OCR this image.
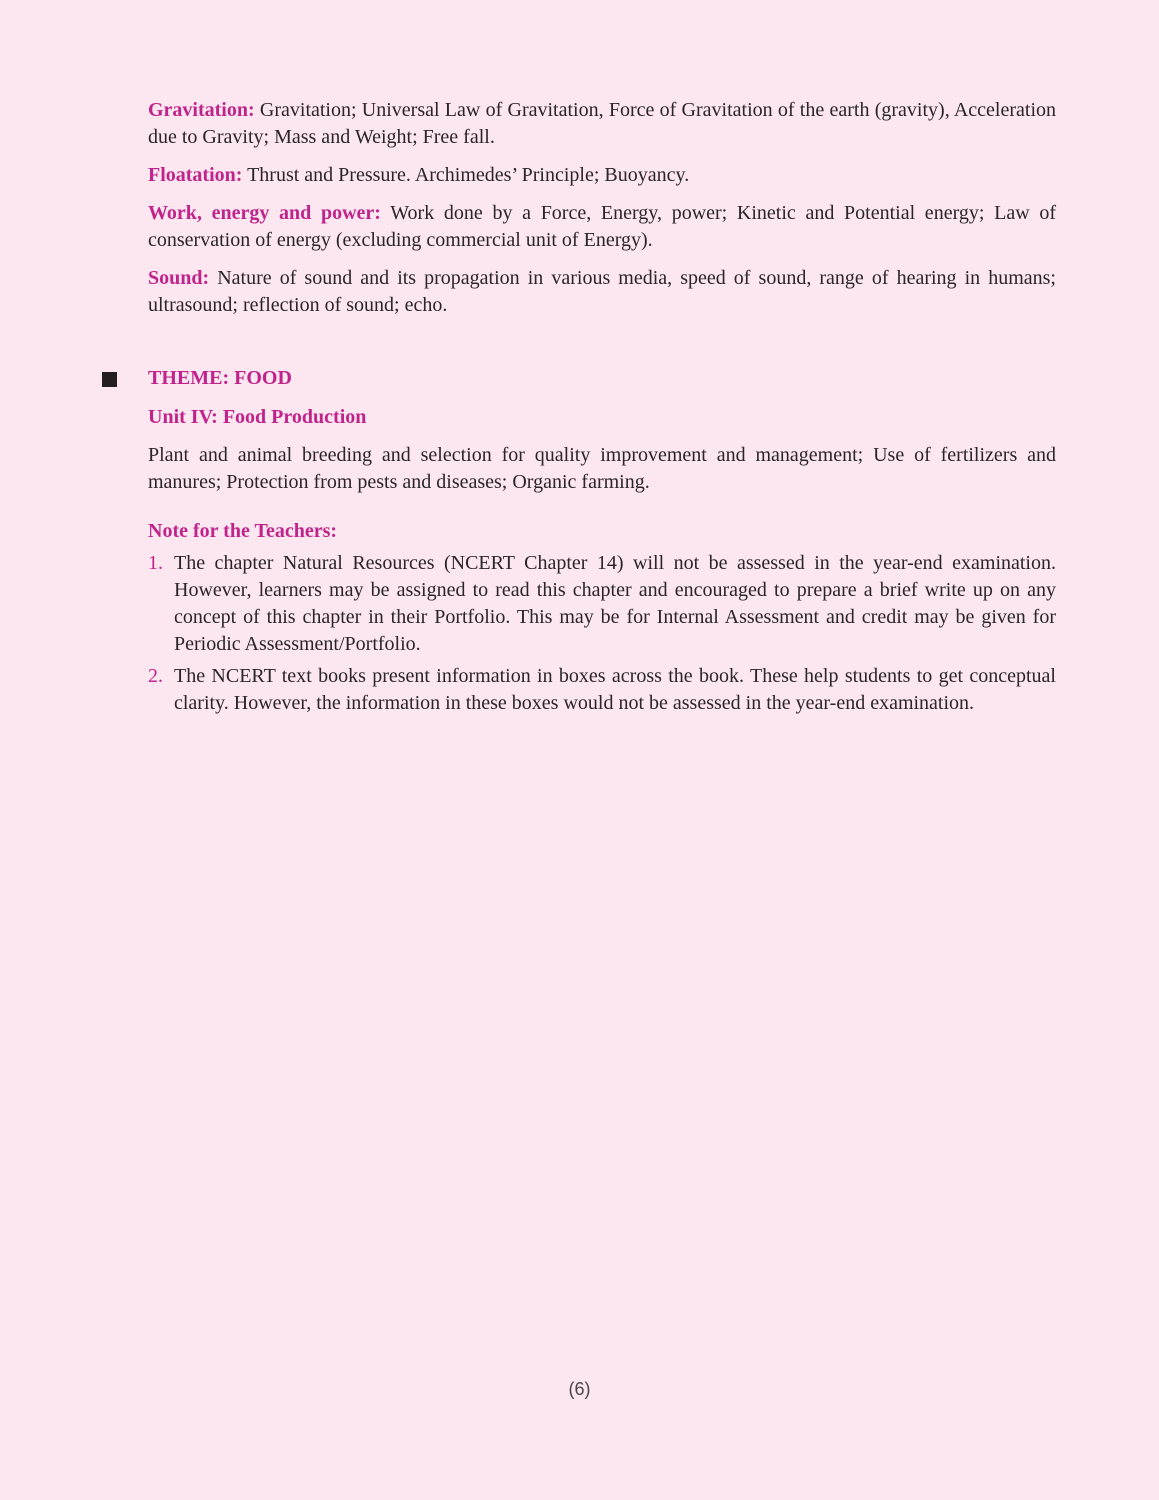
Gravitation: Gravitation; Universal Law of Gravitation, Force of Gravitation of the earth (gravity), Acceleration due to Gravity; Mass and Weight; Free fall.

Floatation: Thrust and Pressure. Archimedes’ Principle; Buoyancy.

Work, energy and power: Work done by a Force, Energy, power; Kinetic and Potential energy; Law of conservation of energy (excluding commercial unit of Energy).

Sound: Nature of sound and its propagation in various media, speed of sound, range of hearing in humans; ultrasound; reflection of sound; echo.

THEME: FOOD
Unit IV: Food Production

Plant and animal breeding and selection for quality improvement and management; Use of fertilizers and manures; Protection from pests and diseases; Organic farming.

Note for the Teachers:
1. The chapter Natural Resources (NCERT Chapter 14) will not be assessed in the year-end examination. However, learners may be assigned to read this chapter and encouraged to prepare a brief write up on any concept of this chapter in their Portfolio. This may be for Internal Assessment and credit may be given for Periodic Assessment/Portfolio.
2. The NCERT text books present information in boxes across the book. These help students to get conceptual clarity. However, the information in these boxes would not be assessed in the year-end examination.
(6)
